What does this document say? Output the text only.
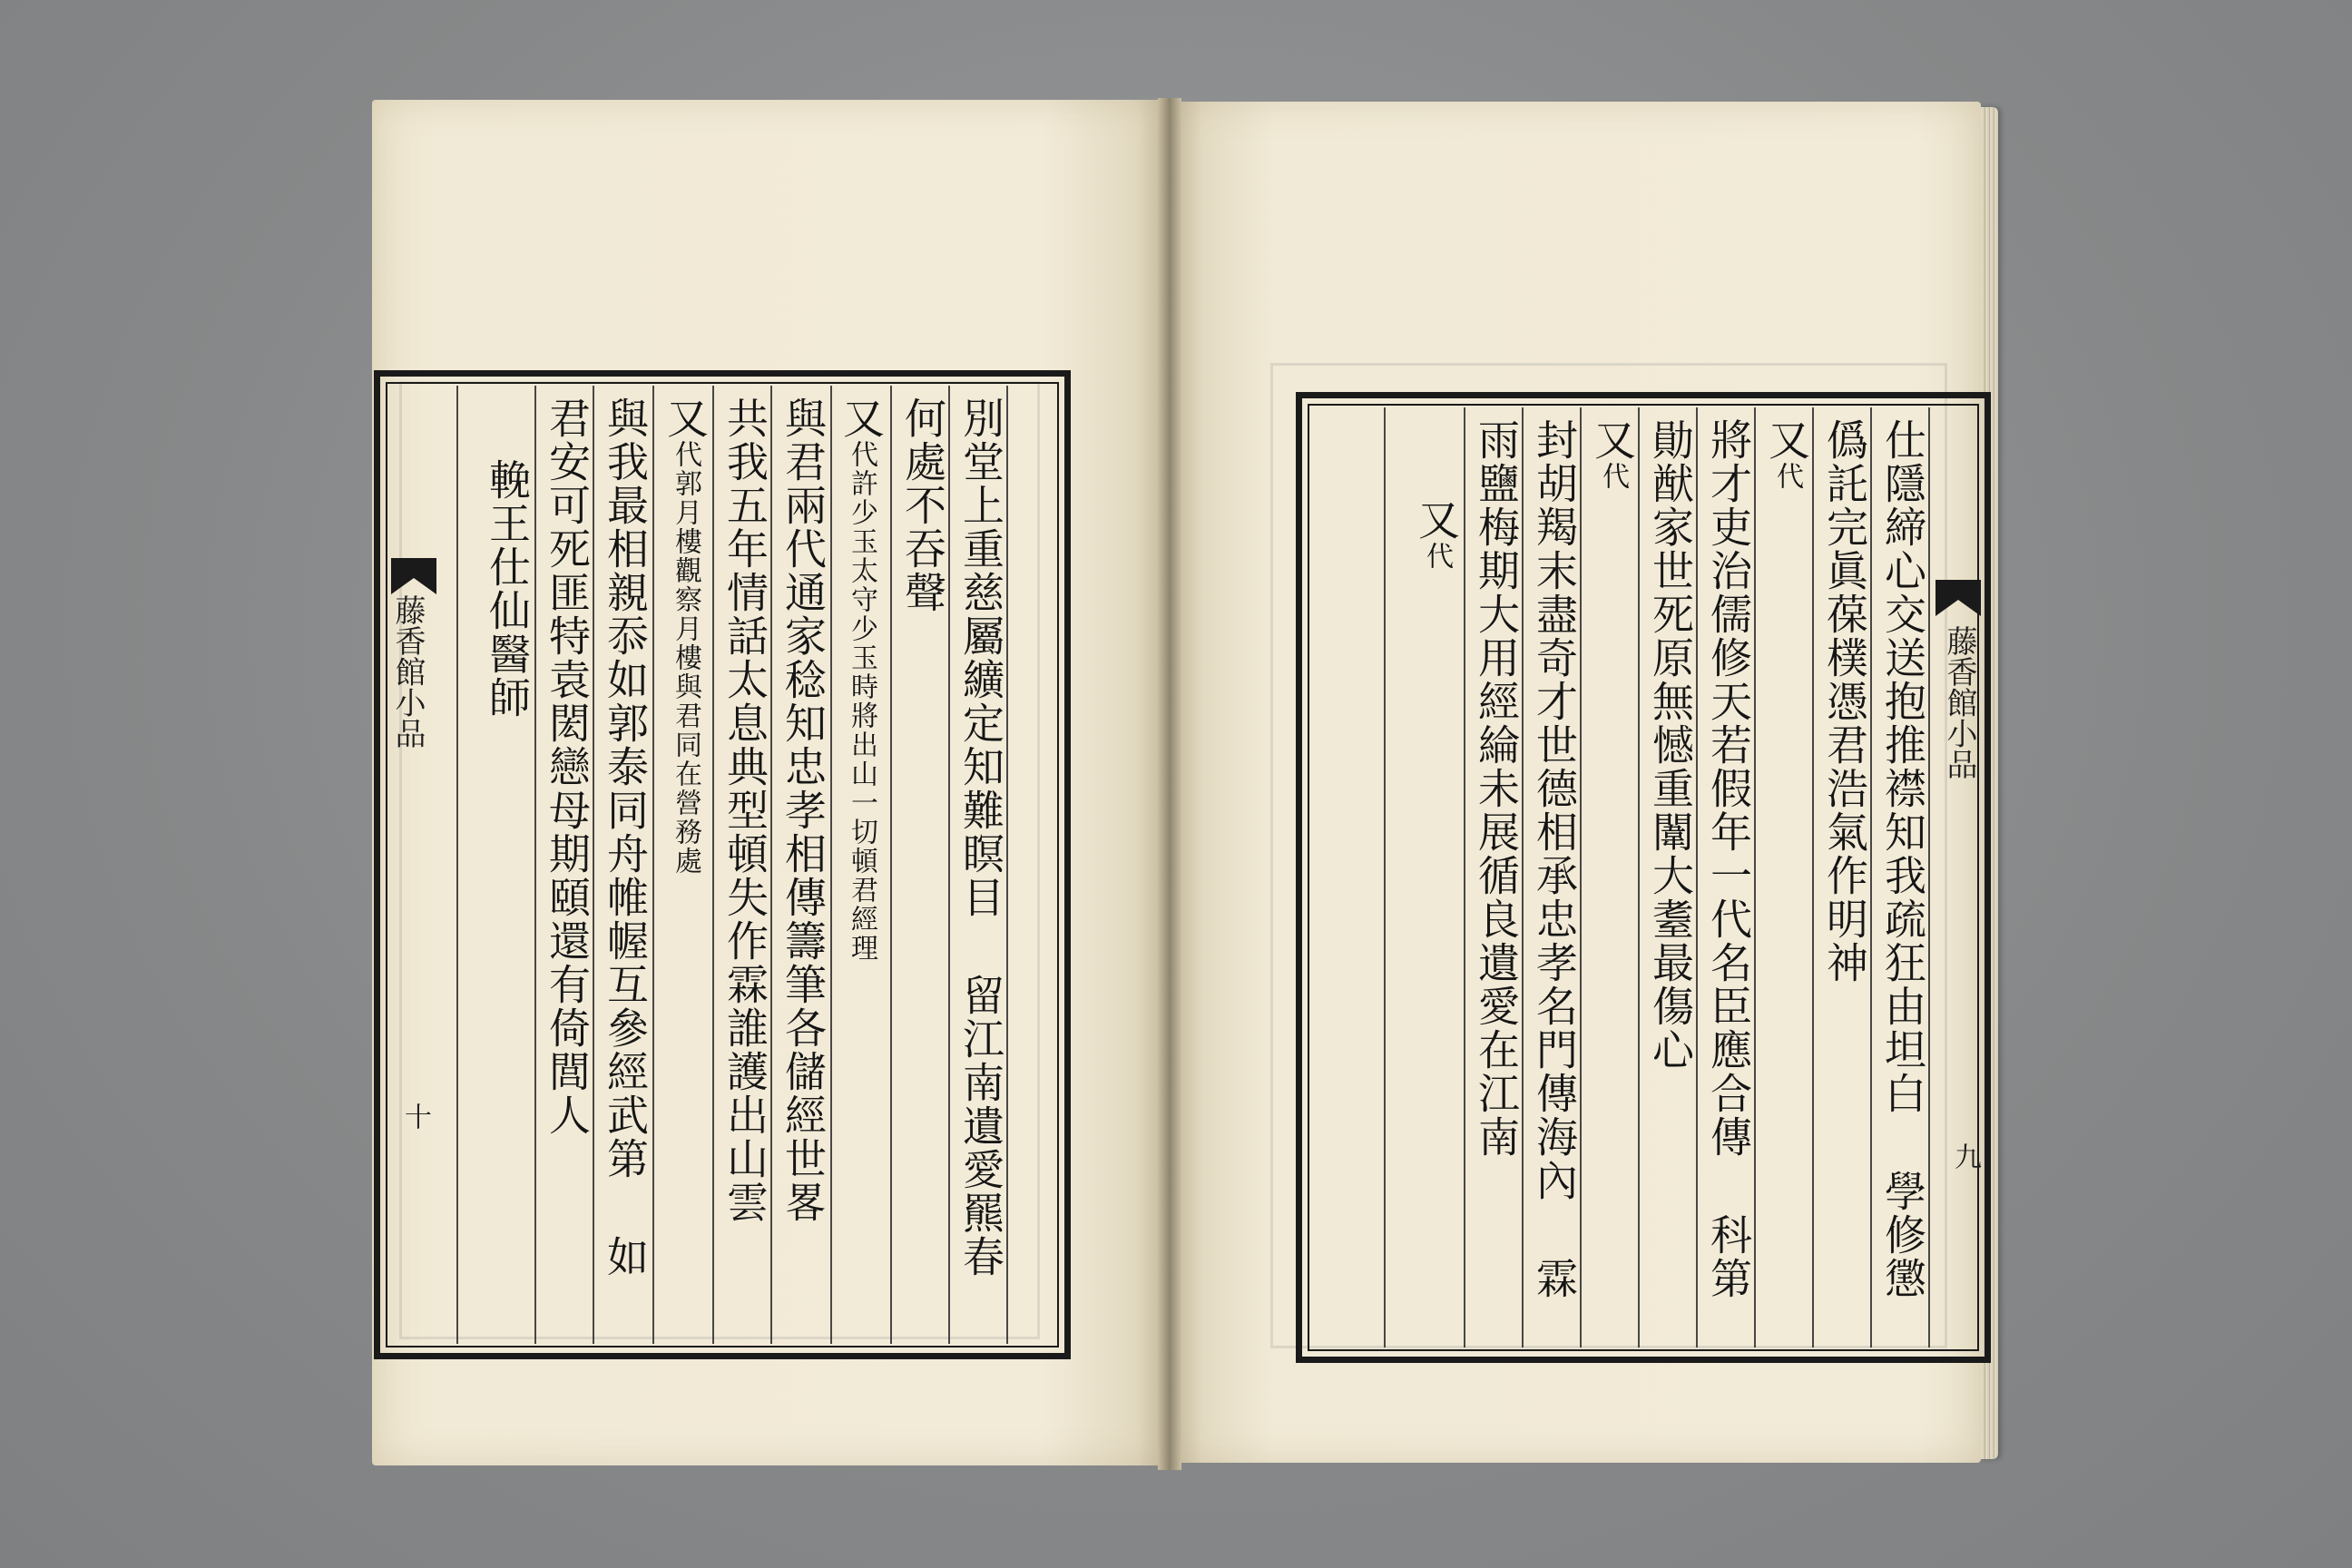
別堂上重慈屬纊定知難瞑目留江南遺愛羆春
何處不吞聲
又代許少玉太守少玉時將出山一切頓君經理
與君兩代通家稔知忠孝相傳籌筆各儲經世畧
共我五年情話太息典型頓失作霖誰護出山雲
又代郭月樓觀察月樓與君同在營務處
與我最相親忝如郭泰同舟帷幄互參經武第如
君安可死匪特袁閎戀母期頤還有倚閭人
輓王仕仙醫師
藤香館小品
十
藤香館小品
九
仕隱締心交送抱推襟知我疏狂由坦白學修懲
僞託完眞葆樸憑君浩氣作明神
又代
將才吏治儒修天若假年一代名臣應合傳科第
勛猷家世死原無憾重闈大耋最傷心
又代
封胡羯末盡奇才世德相承忠孝名門傳海內霖
雨鹽梅期大用經綸未展循良遺愛在江南
又代
